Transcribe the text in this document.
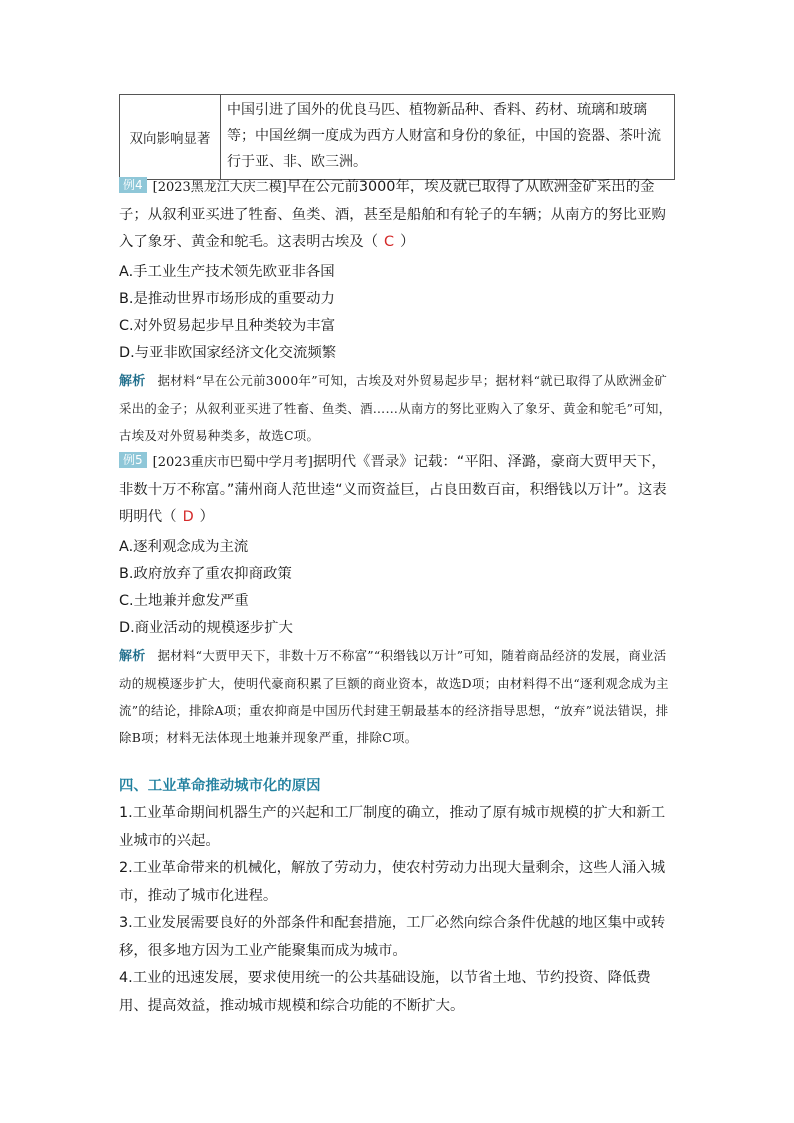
双向影响显著	中国引进了国外的优良马匹、植物新品种、香料、药材、琉璃和玻璃等；中国丝绸一度成为西方人财富和身份的象征，中国的瓷器、茶叶流行于亚、非、欧三洲。

例4 [2023黑龙江大庆二模]早在公元前3000年，埃及就已取得了从欧洲金矿采出的金子；从叙利亚买进了牲畜、鱼类、酒，甚至是船舶和有轮子的车辆；从南方的努比亚购入了象牙、黄金和鸵毛。这表明古埃及（ C ）

A.手工业生产技术领先欧亚非各国

B.是推动世界市场形成的重要动力

C.对外贸易起步早且种类较为丰富

D.与亚非欧国家经济文化交流频繁

解析 据材料“早在公元前3000年”可知，古埃及对外贸易起步早；据材料“就已取得了从欧洲金矿采出的金子；从叙利亚买进了牲畜、鱼类、酒……从南方的努比亚购入了象牙、黄金和鸵毛”可知，古埃及对外贸易种类多，故选C项。

例5 [2023重庆市巴蜀中学月考]据明代《晋录》记载：“平阳、泽潞，豪商大贾甲天下，非数十万不称富。”蒲州商人范世逵“义而资益巨，占良田数百亩，积缗钱以万计”。这表明明代（ D ）

A.逐利观念成为主流

B.政府放弃了重农抑商政策

C.土地兼并愈发严重

D.商业活动的规模逐步扩大

解析 据材料“大贾甲天下，非数十万不称富”“积缗钱以万计”可知，随着商品经济的发展，商业活动的规模逐步扩大，使明代豪商积累了巨额的商业资本，故选D项；由材料得不出“逐利观念成为主流”的结论，排除A项；重农抑商是中国历代封建王朝最基本的经济指导思想，“放弃”说法错误，排除B项；材料无法体现土地兼并现象严重，排除C项。

四、工业革命推动城市化的原因

1.工业革命期间机器生产的兴起和工厂制度的确立，推动了原有城市规模的扩大和新工业城市的兴起。

2.工业革命带来的机械化，解放了劳动力，使农村劳动力出现大量剩余，这些人涌入城市，推动了城市化进程。

3.工业发展需要良好的外部条件和配套措施，工厂必然向综合条件优越的地区集中或转移，很多地方因为工业产能聚集而成为城市。

4.工业的迅速发展，要求使用统一的公共基础设施，以节省土地、节约投资、降低费用、提高效益，推动城市规模和综合功能的不断扩大。
